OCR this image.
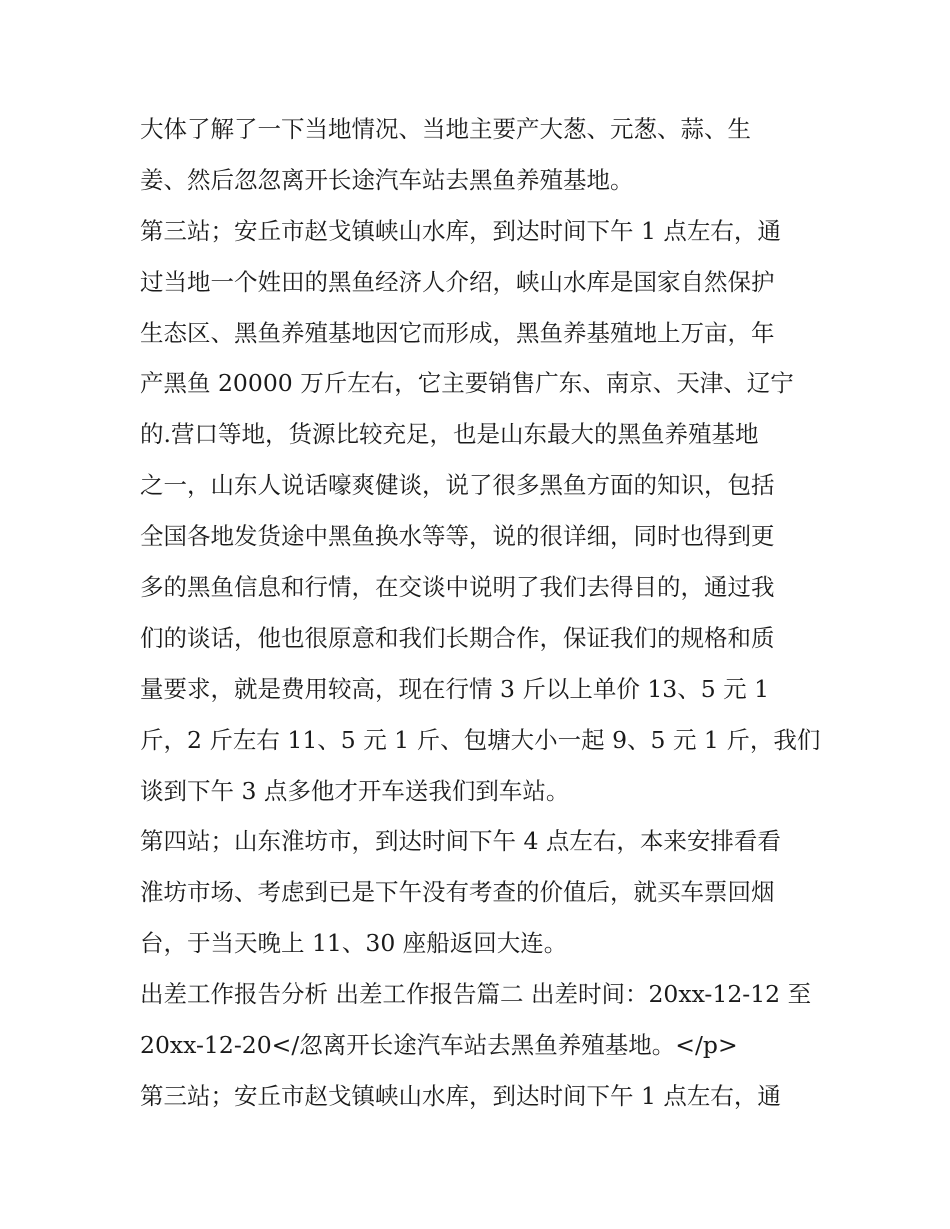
大体了解了一下当地情况、当地主要产大葱、元葱、蒜、生
姜、然后忽忽离开长途汽车站去黑鱼养殖基地。
第三站；安丘市赵戈镇峡山水库，到达时间下午 1 点左右，通
过当地一个姓田的黑鱼经济人介绍，峡山水库是国家自然保护
生态区、黑鱼养殖基地因它而形成，黑鱼养基殖地上万亩，年
产黑鱼 20000 万斤左右，它主要销售广东、南京、天津、辽宁
的.营口等地，货源比较充足，也是山东最大的黑鱼养殖基地
之一，山东人说话嚎爽健谈，说了很多黑鱼方面的知识，包括
全国各地发货途中黑鱼换水等等，说的很详细，同时也得到更
多的黑鱼信息和行情，在交谈中说明了我们去得目的，通过我
们的谈话，他也很原意和我们长期合作，保证我们的规格和质
量要求，就是费用较高，现在行情 3 斤以上单价 13、5 元 1
斤，2 斤左右 11、5 元 1 斤、包塘大小一起 9、5 元 1 斤，我们
谈到下午 3 点多他才开车送我们到车站。
第四站；山东淮坊市，到达时间下午 4 点左右，本来安排看看
淮坊市场、考虑到已是下午没有考查的价值后，就买车票回烟
台，于当天晚上 11、30 座船返回大连。
出差工作报告分析 出差工作报告篇二 出差时间：20xx-12-12 至
20xx-12-20</忽离开长途汽车站去黑鱼养殖基地。</p>
第三站；安丘市赵戈镇峡山水库，到达时间下午 1 点左右，通
